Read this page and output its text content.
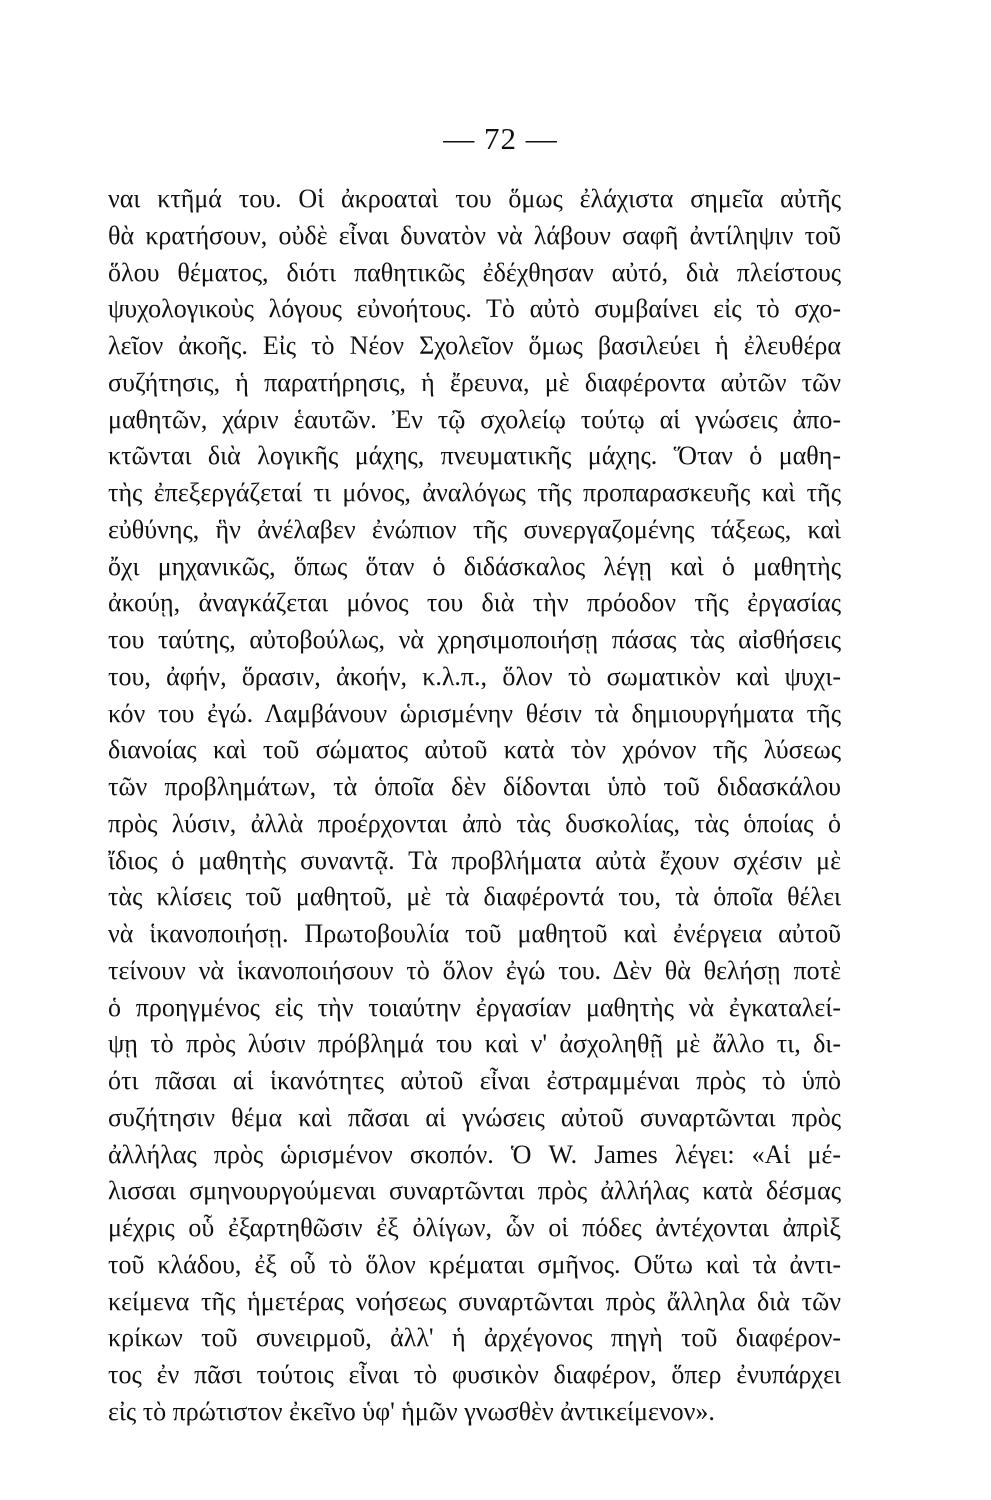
— 72 —
ναι κτῆμά του. Οἱ ἀκροαταὶ του ὅμως ἐλάχιστα σημεῖα αὐτῆς
θὰ κρατήσουν, οὐδὲ εἶναι δυνατὸν νὰ λάβουν σαφῆ ἀντίληψιν τοῦ
ὅλου θέματος, διότι παθητικῶς ἐδέχθησαν αὐτό, διὰ πλείστους
ψυχολογικοὺς λόγους εὐνοήτους. Τὸ αὐτὸ συμβαίνει εἰς τὸ σχο-
λεῖον ἀκοῆς. Εἰς τὸ Νέον Σχολεῖον ὅμως βασιλεύει ἡ ἐλευθέρα
συζήτησις, ἡ παρατήρησις, ἡ ἔρευνα, μὲ διαφέροντα αὐτῶν τῶν
μαθητῶν, χάριν ἑαυτῶν. Ἐν τῷ σχολείῳ τούτῳ αἱ γνώσεις ἀπο-
κτῶνται διὰ λογικῆς μάχης, πνευματικῆς μάχης. Ὅταν ὁ μαθη-
τὴς ἐπεξεργάζεταί τι μόνος, ἀναλόγως τῆς προπαρασκευῆς καὶ τῆς
εὐθύνης, ἣν ἀνέλαβεν ἐνώπιον τῆς συνεργαζομένης τάξεως, καὶ
ὄχι μηχανικῶς, ὅπως ὅταν ὁ διδάσκαλος λέγῃ καὶ ὁ μαθητὴς
ἀκούῃ, ἀναγκάζεται μόνος του διὰ τὴν πρόοδον τῆς ἐργασίας
του ταύτης, αὐτοβούλως, νὰ χρησιμοποιήσῃ πάσας τὰς αἰσθήσεις
του, ἀφήν, ὅρασιν, ἀκοήν, κ.λ.π., ὅλον τὸ σωματικὸν καὶ ψυχι-
κόν του ἐγώ. Λαμβάνουν ὡρισμένην θέσιν τὰ δημιουργήματα τῆς
διανοίας καὶ τοῦ σώματος αὐτοῦ κατὰ τὸν χρόνον τῆς λύσεως
τῶν προβλημάτων, τὰ ὁποῖα δὲν δίδονται ὑπὸ τοῦ διδασκάλου
πρὸς λύσιν, ἀλλὰ προέρχονται ἀπὸ τὰς δυσκολίας, τὰς ὁποίας ὁ
ἴδιος ὁ μαθητὴς συναντᾷ. Τὰ προβλήματα αὐτὰ ἔχουν σχέσιν μὲ
τὰς κλίσεις τοῦ μαθητοῦ, μὲ τὰ διαφέροντά του, τὰ ὁποῖα θέλει
νὰ ἱκανοποιήσῃ. Πρωτοβουλία τοῦ μαθητοῦ καὶ ἐνέργεια αὐτοῦ
τείνουν νὰ ἱκανοποιήσουν τὸ ὅλον ἐγώ του. Δὲν θὰ θελήσῃ ποτὲ
ὁ προηγμένος εἰς τὴν τοιαύτην ἐργασίαν μαθητὴς νὰ ἐγκαταλεί-
ψῃ τὸ πρὸς λύσιν πρόβλημά του καὶ ν' ἀσχοληθῇ μὲ ἄλλο τι, δι-
ότι πᾶσαι αἱ ἱκανότητες αὐτοῦ εἶναι ἐστραμμέναι πρὸς τὸ ὑπὸ
συζήτησιν θέμα καὶ πᾶσαι αἱ γνώσεις αὐτοῦ συναρτῶνται πρὸς
ἀλλήλας πρὸς ὡρισμένον σκοπόν. Ὁ W. James λέγει: «Αἱ μέ-
λισσαι σμηνουργούμεναι συναρτῶνται πρὸς ἀλλήλας κατὰ δέσμας
μέχρις οὗ ἐξαρτηθῶσιν ἐξ ὀλίγων, ὧν οἱ πόδες ἀντέχονται ἀπρὶξ
τοῦ κλάδου, ἐξ οὗ τὸ ὅλον κρέμαται σμῆνος. Οὕτω καὶ τὰ ἀντι-
κείμενα τῆς ἡμετέρας νοήσεως συναρτῶνται πρὸς ἄλληλα διὰ τῶν
κρίκων τοῦ συνειρμοῦ, ἀλλ' ἡ ἀρχέγονος πηγὴ τοῦ διαφέρον-
τος ἐν πᾶσι τούτοις εἶναι τὸ φυσικὸν διαφέρον, ὅπερ ἐνυπάρχει
εἰς τὸ πρώτιστον ἐκεῖνο ὑφ' ἡμῶν γνωσθὲν ἀντικείμενον».
